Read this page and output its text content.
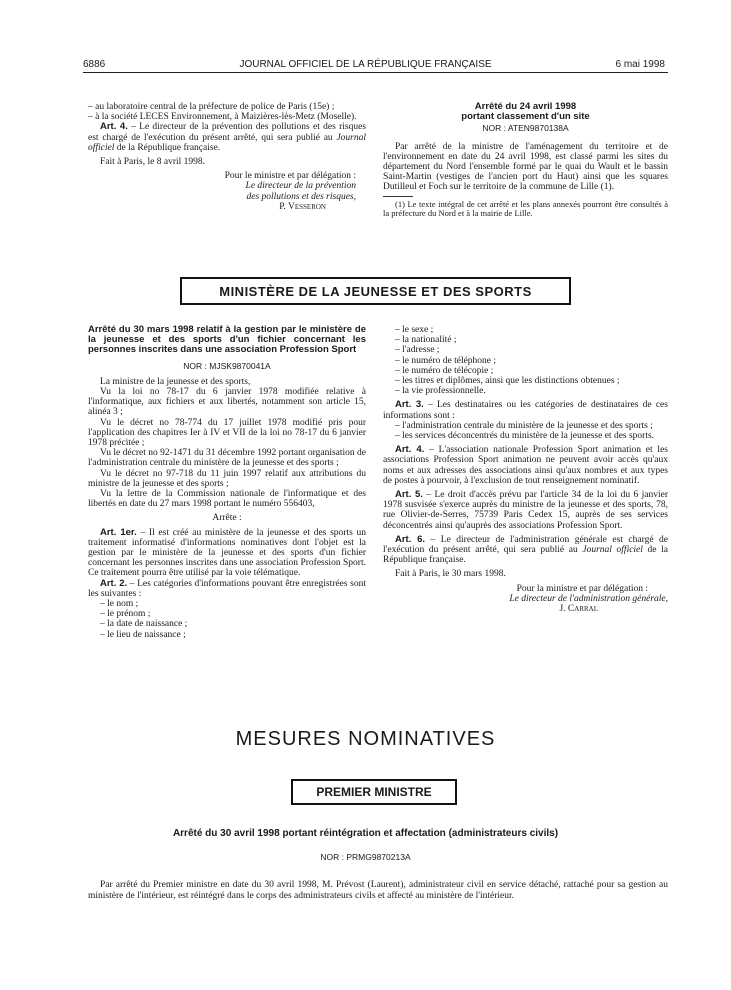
6886	JOURNAL OFFICIEL DE LA RÉPUBLIQUE FRANÇAISE	6 mai 1998

– au laboratoire central de la préfecture de police de Paris (15e) ;

– à la société LECES Environnement, à Maizières-lès-Metz (Moselle).

Art. 4. – Le directeur de la prévention des pollutions et des risques est chargé de l'exécution du présent arrêté, qui sera publié au Journal officiel de la République française.

Fait à Paris, le 8 avril 1998.

Pour le ministre et par délégation :

Le directeur de la prévention

des pollutions et des risques,

P. Vesseron

Arrêté du 24 avril 1998

portant classement d'un site

NOR : ATEN9870138A

Par arrêté de la ministre de l'aménagement du territoire et de l'environnement en date du 24 avril 1998, est classé parmi les sites du département du Nord l'ensemble formé par le quai du Wault et le bassin Saint-Martin (vestiges de l'ancien port du Haut) ainsi que les squares Dutilleul et Foch sur le territoire de la commune de Lille (1).

(1) Le texte intégral de cet arrêté et les plans annexés pourront être consultés à la préfecture du Nord et à la mairie de Lille.

MINISTÈRE DE LA JEUNESSE ET DES SPORTS

Arrêté du 30 mars 1998 relatif à la gestion par le ministère de la jeunesse et des sports d'un fichier concernant les personnes inscrites dans une association Profession Sport

NOR : MJSK9870041A

La ministre de la jeunesse et des sports,

Vu la loi no 78-17 du 6 janvier 1978 modifiée relative à l'informatique, aux fichiers et aux libertés, notamment son article 15, alinéa 3 ;

Vu le décret no 78-774 du 17 juillet 1978 modifié pris pour l'application des chapitres Ier à IV et VII de la loi no 78-17 du 6 janvier 1978 précitée ;

Vu le décret no 92-1471 du 31 décembre 1992 portant organisation de l'administration centrale du ministère de la jeunesse et des sports ;

Vu le décret no 97-718 du 11 juin 1997 relatif aux attributions du ministre de la jeunesse et des sports ;

Vu la lettre de la Commission nationale de l'informatique et des libertés en date du 27 mars 1998 portant le numéro 556403,

Arrête :

Art. 1er. – Il est créé au ministère de la jeunesse et des sports un traitement informatisé d'informations nominatives dont l'objet est la gestion par le ministère de la jeunesse et des sports d'un fichier concernant les personnes inscrites dans une association Profession Sport. Ce traitement pourra être utilisé par la voie télématique.

Art. 2. – Les catégories d'informations pouvant être enregistrées sont les suivantes :

– le nom ;

– le prénom ;

– la date de naissance ;

– le lieu de naissance ;

– le sexe ;

– la nationalité ;

– l'adresse ;

– le numéro de téléphone ;

– le numéro de télécopie ;

– les titres et diplômes, ainsi que les distinctions obtenues ;

– la vie professionnelle.

Art. 3. – Les destinataires ou les catégories de destinataires de ces informations sont :

– l'administration centrale du ministère de la jeunesse et des sports ;

– les services déconcentrés du ministère de la jeunesse et des sports.

Art. 4. – L'association nationale Profession Sport animation et les associations Profession Sport animation ne peuvent avoir accès qu'aux noms et aux adresses des associations ainsi qu'aux nombres et aux types de postes à pourvoir, à l'exclusion de tout renseignement nominatif.

Art. 5. – Le droit d'accès prévu par l'article 34 de la loi du 6 janvier 1978 susvisée s'exerce auprès du ministre de la jeunesse et des sports, 78, rue Olivier-de-Serres, 75739 Paris Cedex 15, auprès de ses services déconcentrés ainsi qu'auprès des associations Profession Sport.

Art. 6. – Le directeur de l'administration générale est chargé de l'exécution du présent arrêté, qui sera publié au Journal officiel de la République française.

Fait à Paris, le 30 mars 1998.

Pour la ministre et par délégation :

Le directeur de l'administration générale,

J. Carral

MESURES NOMINATIVES
PREMIER MINISTRE
Arrêté du 30 avril 1998 portant réintégration et affectation (administrateurs civils)
NOR : PRMG9870213A
Par arrêté du Premier ministre en date du 30 avril 1998, M. Prévost (Laurent), administrateur civil en service détaché, rattaché pour sa gestion au ministère de l'intérieur, est réintégré dans le corps des administrateurs civils et affecté au ministère de l'intérieur.
